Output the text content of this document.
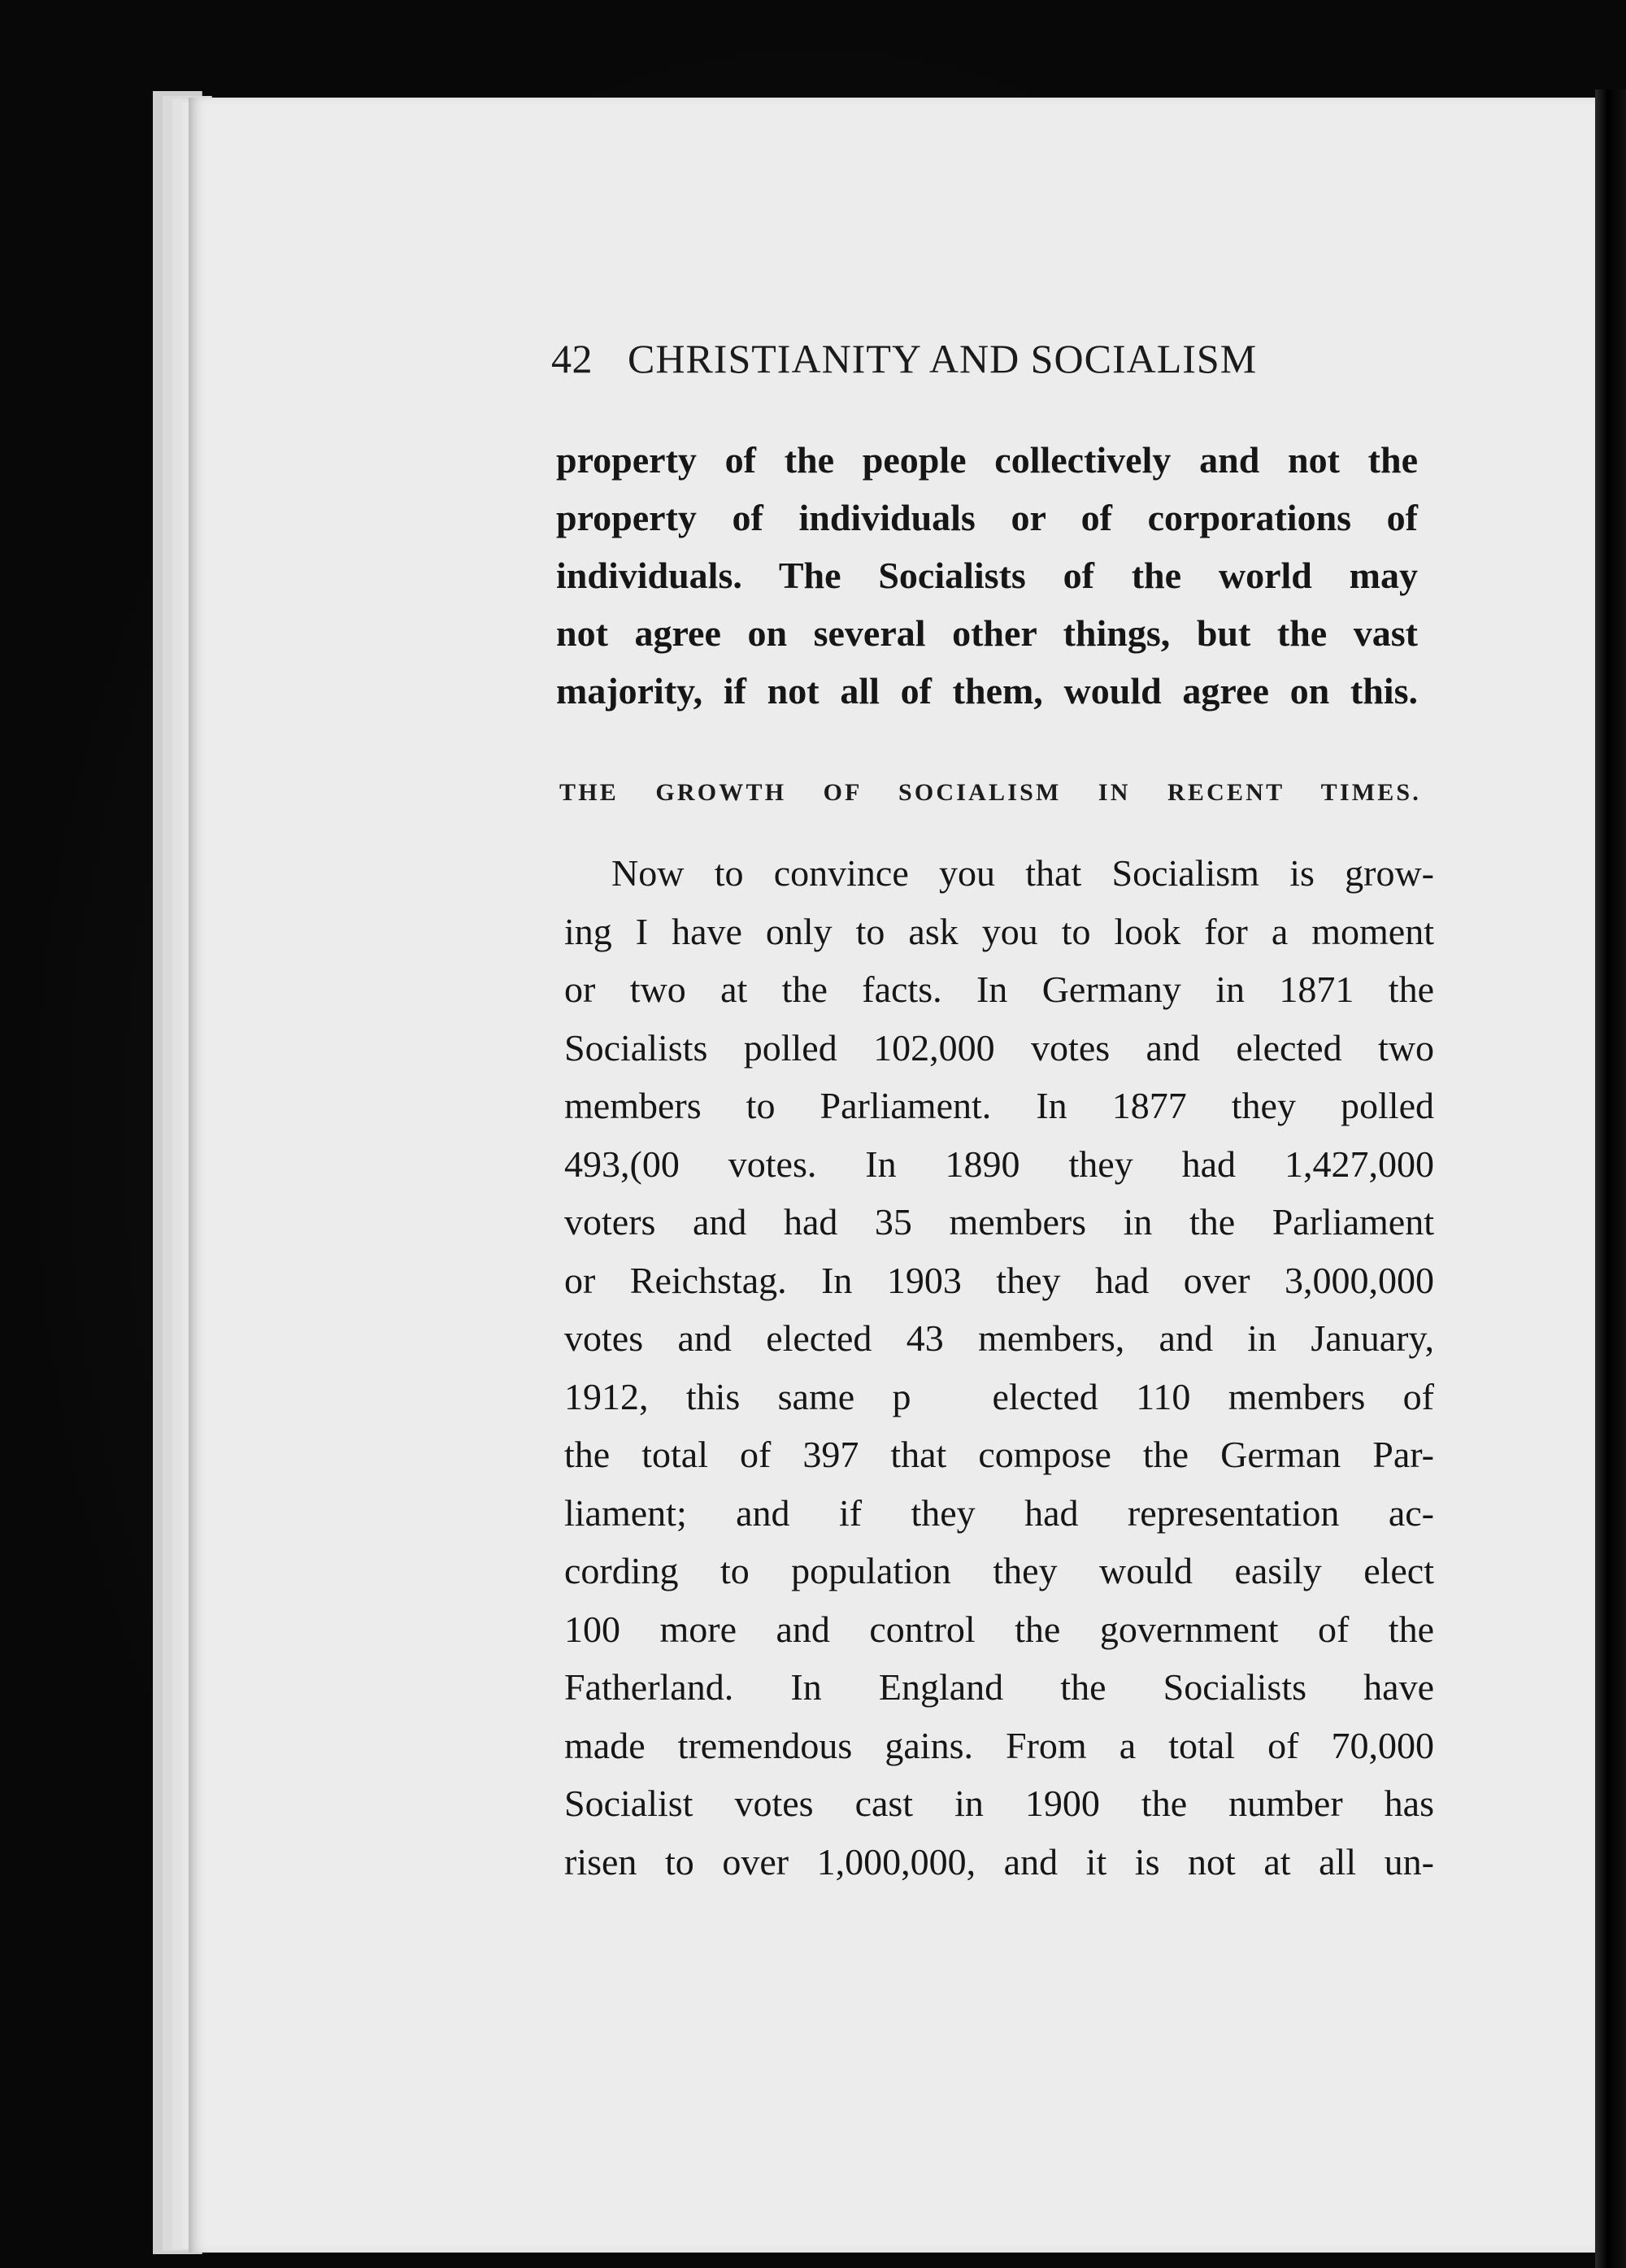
42 CHRISTIANITY AND SOCIALISM
property of the people collectively and not the
property of individuals or of corporations of
individuals. The Socialists of the world may
not agree on several other things, but the vast
majority, if not all of them, would agree on this.
THE GROWTH OF SOCIALISM IN RECENT TIMES.
Now to convince you that Socialism is grow-
ing I have only to ask you to look for a moment
or two at the facts. In Germany in 1871 the
Socialists polled 102,000 votes and elected two
members to Parliament. In 1877 they polled
493,(00 votes. In 1890 they had 1,427,000
voters and had 35 members in the Parliament
or Reichstag. In 1903 they had over 3,000,000
votes and elected 43 members, and in January,
1912, this same p elected 110 members of
the total of 397 that compose the German Par-
liament; and if they had representation ac-
cording to population they would easily elect
100 more and control the government of the
Fatherland. In England the Socialists have
made tremendous gains. From a total of 70,000
Socialist votes cast in 1900 the number has
risen to over 1,000,000, and it is not at all un-
